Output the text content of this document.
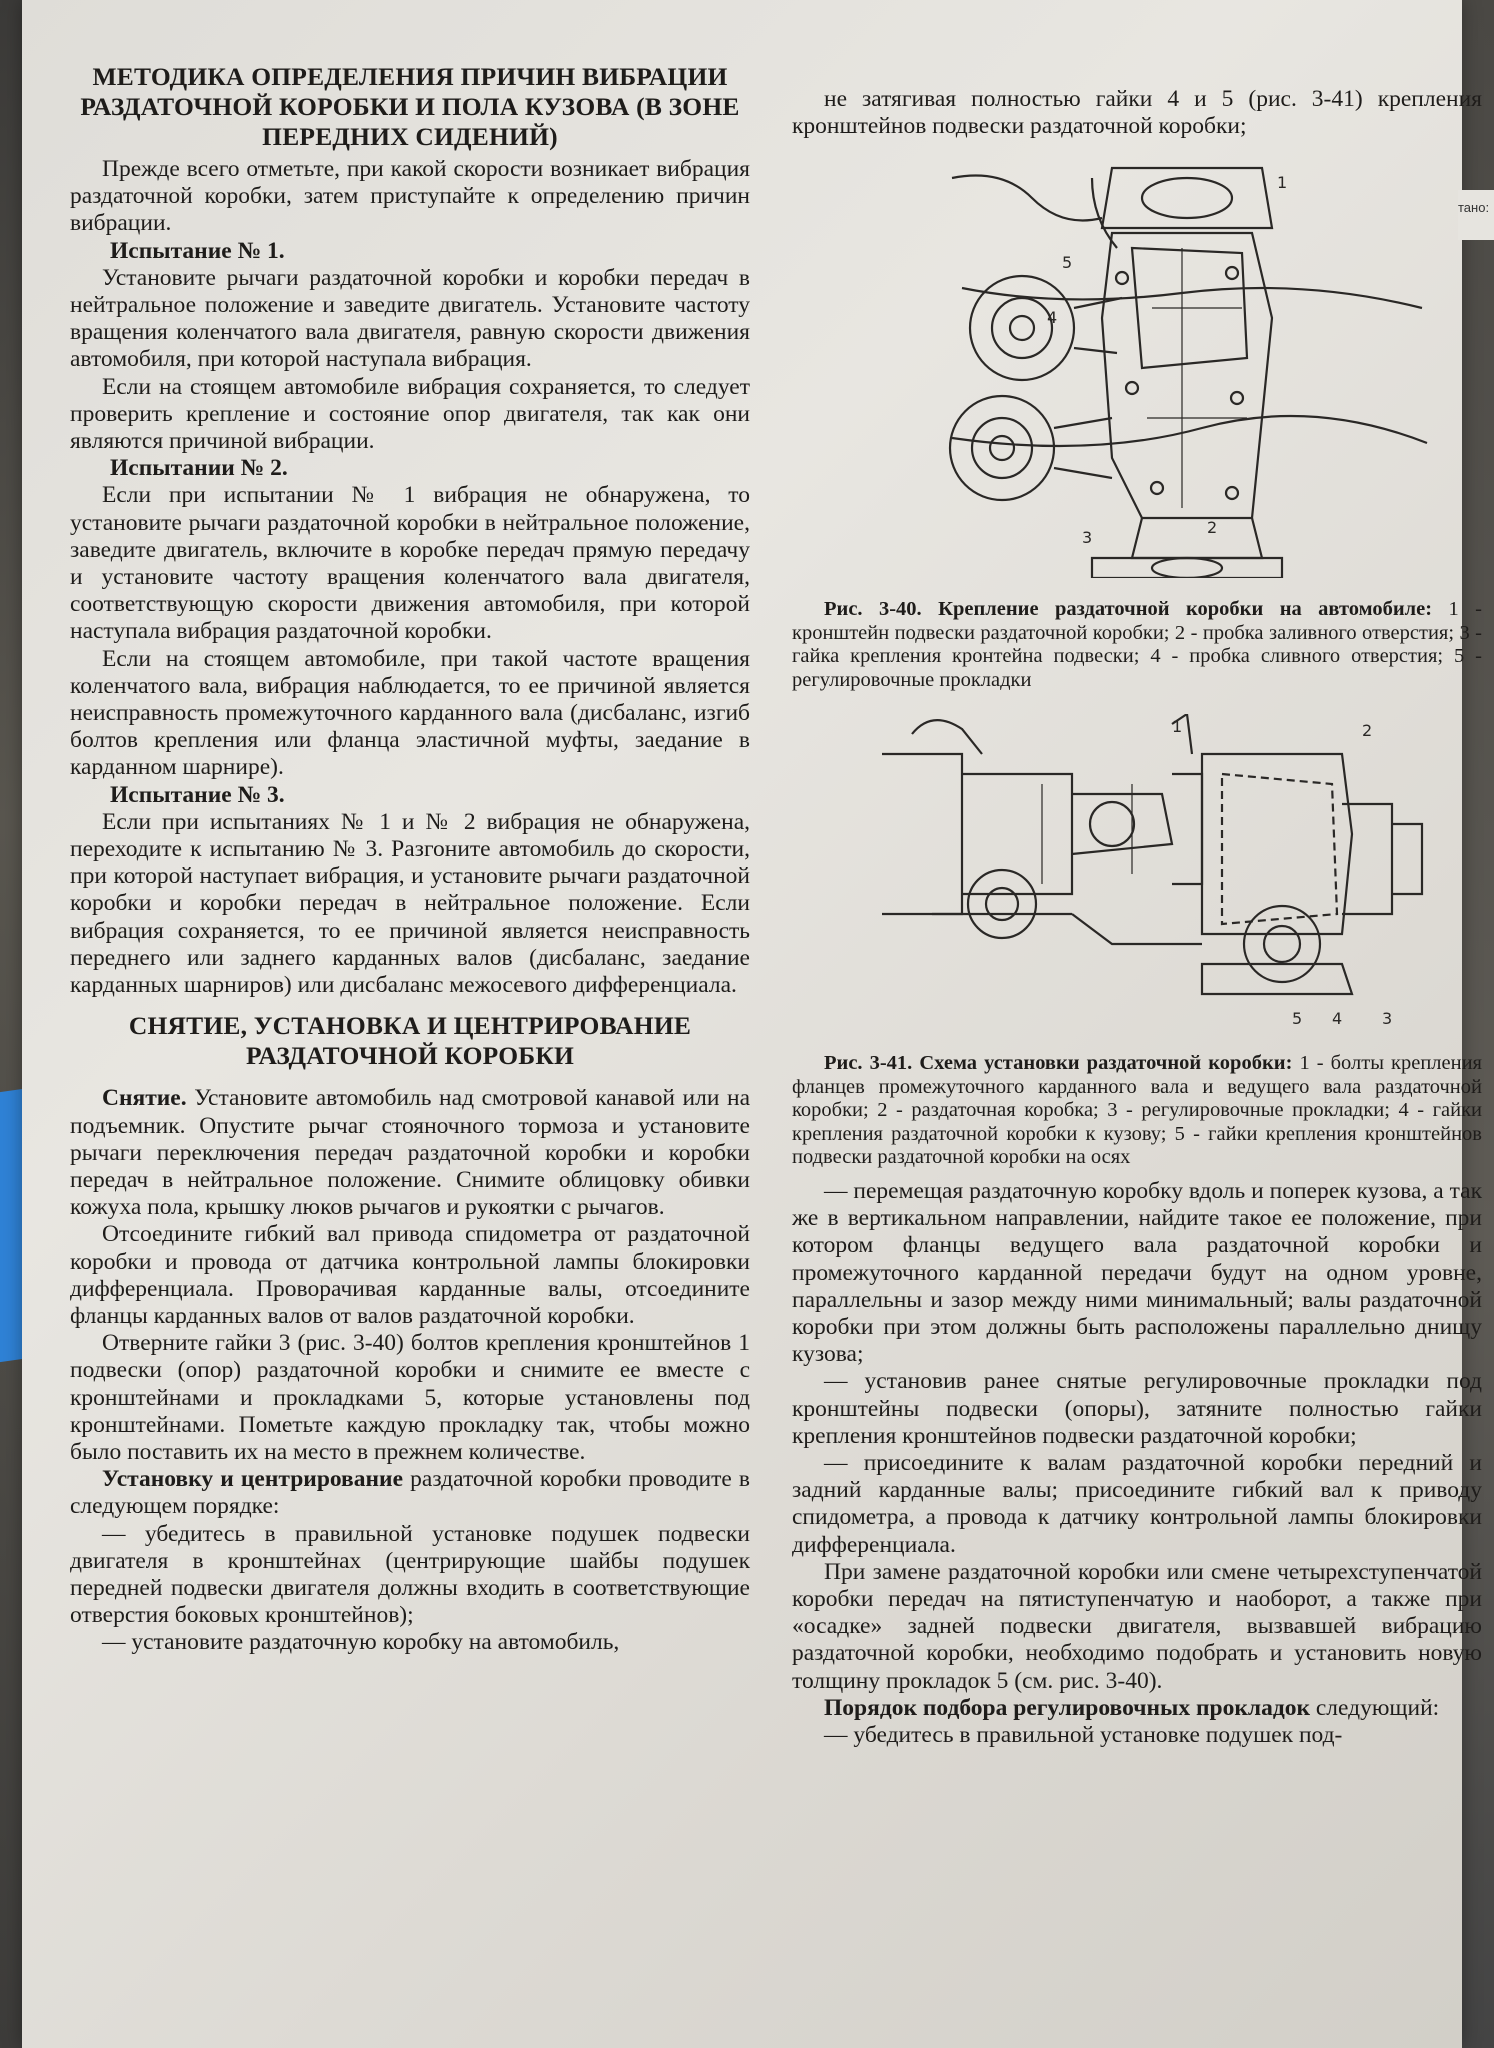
МЕТОДИКА ОПРЕДЕЛЕНИЯ ПРИЧИН ВИБРАЦИИ РАЗДАТОЧНОЙ КОРОБКИ И ПОЛА КУЗОВА (В ЗОНЕ ПЕРЕДНИХ СИДЕНИЙ)

Прежде всего отметьте, при какой скорости возникает вибрация раздаточной коробки, затем приступайте к определению причин вибрации.

Испытание № 1.

Установите рычаги раздаточной коробки и коробки передач в нейтральное положение и заведите двигатель. Установите частоту вращения коленчатого вала двигателя, равную скорости движения автомобиля, при которой наступала вибрация.

Если на стоящем автомобиле вибрация сохраняется, то следует проверить крепление и состояние опор двигателя, так как они являются причиной вибрации.

Испытании № 2.

Если при испытании № 1 вибрация не обнаружена, то установите рычаги раздаточной коробки в нейтральное положение, заведите двигатель, включите в коробке передач прямую передачу и установите частоту вращения коленчатого вала двигателя, соответствующую скорости движения автомобиля, при которой наступала вибрация раздаточной коробки.

Если на стоящем автомобиле, при такой частоте вращения коленчатого вала, вибрация наблюдается, то ее причиной является неисправность промежуточного карданного вала (дисбаланс, изгиб болтов крепления или фланца эластичной муфты, заедание в карданном шарнире).

Испытание № 3.

Если при испытаниях № 1 и № 2 вибрация не обнаружена, переходите к испытанию № 3. Разгоните автомобиль до скорости, при которой наступает вибрация, и установите рычаги раздаточной коробки и коробки передач в нейтральное положение. Если вибрация сохраняется, то ее причиной является неисправность переднего или заднего карданных валов (дисбаланс, заедание карданных шарниров) или дисбаланс межосевого дифференциала.

СНЯТИЕ, УСТАНОВКА И ЦЕНТРИРОВАНИЕ РАЗДАТОЧНОЙ КОРОБКИ

Снятие. Установите автомобиль над смотровой канавой или на подъемник. Опустите рычаг стояночного тормоза и установите рычаги переключения передач раздаточной коробки и коробки передач в нейтральное положение. Снимите облицовку обивки кожуха пола, крышку люков рычагов и рукоятки с рычагов.

Отсоедините гибкий вал привода спидометра от раздаточной коробки и провода от датчика контрольной лампы блокировки дифференциала. Проворачивая карданные валы, отсоедините фланцы карданных валов от валов раздаточной коробки.

Отверните гайки 3 (рис. 3-40) болтов крепления кронштейнов 1 подвески (опор) раздаточной коробки и снимите ее вместе с кронштейнами и прокладками 5, которые установлены под кронштейнами. Пометьте каждую прокладку так, чтобы можно было поставить их на место в прежнем количестве.

Установку и центрирование раздаточной коробки проводите в следующем порядке:

— убедитесь в правильной установке подушек подвески двигателя в кронштейнах (центрирующие шайбы подушек передней подвески двигателя должны входить в соответствующие отверстия боковых кронштейнов);

— установите раздаточную коробку на автомобиль,

не затягивая полностью гайки 4 и 5 (рис. 3-41) крепления кронштейнов подвески раздаточной коробки;

5
4
1
2
3

Рис. 3-40. Крепление раздаточной коробки на автомобиле: 1 - кронштейн подвески раздаточной коробки; 2 - пробка заливного отверстия; 3 - гайка крепления кронтейна подвески; 4 - пробка сливного отверстия; 5 - регулировочные прокладки

1	2
5 4 3

Рис. 3-41. Схема установки раздаточной коробки: 1 - болты крепления фланцев промежуточного карданного вала и ведущего вала раздаточной коробки; 2 - раздаточная коробка; 3 - регулировочные прокладки; 4 - гайки крепления раздаточной коробки к кузову; 5 - гайки крепления кронштейнов подвески раздаточной коробки на осях

— перемещая раздаточную коробку вдоль и поперек кузова, а так же в вертикальном направлении, найдите такое ее положение, при котором фланцы ведущего вала раздаточной коробки и промежуточного карданной передачи будут на одном уровне, параллельны и зазор между ними минимальный; валы раздаточной коробки при этом должны быть расположены параллельно днищу кузова;

— установив ранее снятые регулировочные прокладки под кронштейны подвески (опоры), затяните полностью гайки крепления кронштейнов подвески раздаточной коробки;

— присоедините к валам раздаточной коробки передний и задний карданные валы; присоедините гибкий вал к приводу спидометра, а провода к датчику контрольной лампы блокировки дифференциала.

При замене раздаточной коробки или смене четырехступенчатой коробки передач на пятиступенчатую и наоборот, а также при «осадке» задней подвески двигателя, вызвавшей вибрацию раздаточной коробки, необходимо подобрать и установить новую толщину прокладок 5 (см. рис. 3-40).

Порядок подбора регулировочных прокладок следующий:

— убедитесь в правильной установке подушек под-

тано:
